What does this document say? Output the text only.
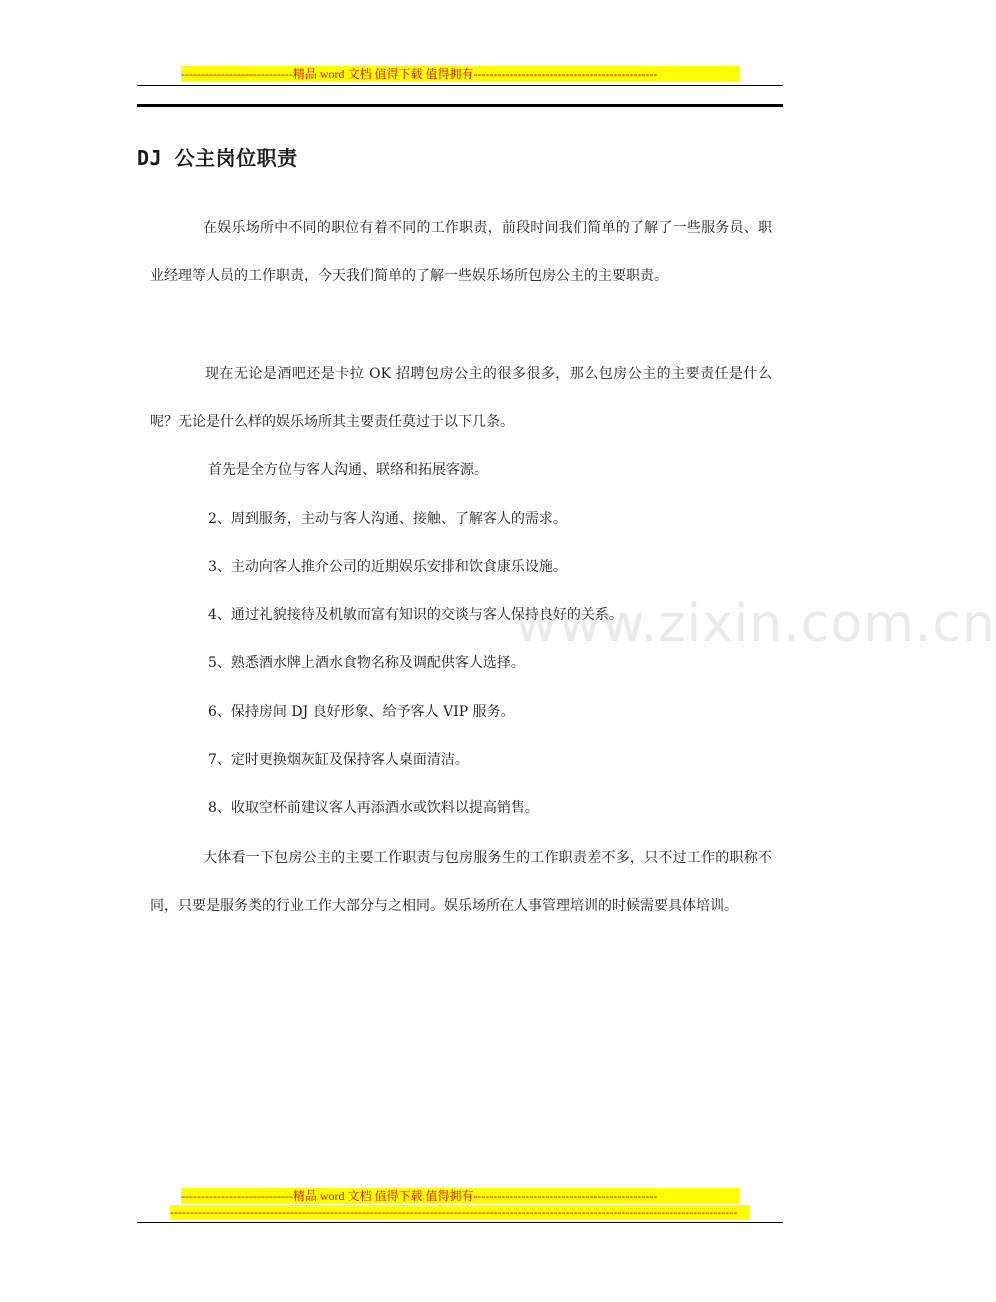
----------------------------精品 word 文档 值得下载 值得拥有----------------------------------------------
DJ 公主岗位职责

在娱乐场所中不同的职位有着不同的工作职责，前段时间我们简单的了解了一些服务员、职业经理等人员的工作职责，今天我们简单的了解一些娱乐场所包房公主的主要职责。

现在无论是酒吧还是卡拉 OK 招聘包房公主的很多很多，那么包房公主的主要责任是什么呢？无论是什么样的娱乐场所其主要责任莫过于以下几条。

首先是全方位与客人沟通、联络和拓展客源。

2、周到服务，主动与客人沟通、接触、了解客人的需求。

3、主动向客人推介公司的近期娱乐安排和饮食康乐设施。

4、通过礼貌接待及机敏而富有知识的交谈与客人保持良好的关系。

5、熟悉酒水牌上酒水食物名称及调配供客人选择。

6、保持房间 DJ 良好形象、给予客人 VIP 服务。

7、定时更换烟灰缸及保持客人桌面清洁。

8、收取空杯前建议客人再添酒水或饮料以提高销售。

大体看一下包房公主的主要工作职责与包房服务生的工作职责差不多，只不过工作的职称不同，只要是服务类的行业工作大部分与之相同。娱乐场所在人事管理培训的时候需要具体培训。

www.zixin.com.cn
----------------------------精品 word 文档 值得下载 值得拥有----------------------------------------------
----------------------------------------------------------------------------------------------------------------------------------------------
